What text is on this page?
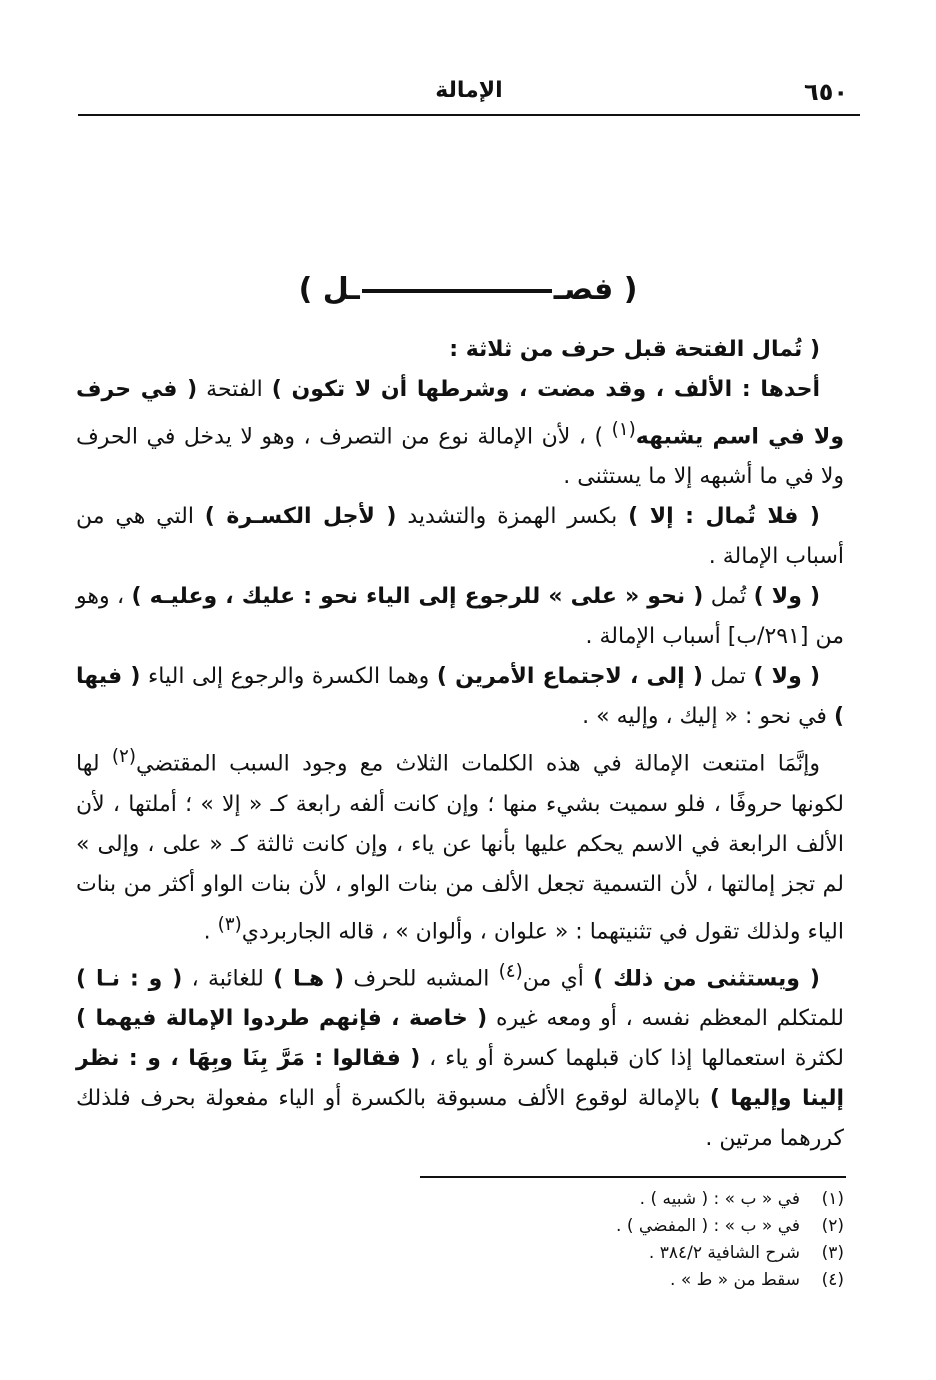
٦٥٠
الإمالة
( فصــل )

( تُمال الفتحة قبل حرف من ثلاثة :

أحدها : الألف ، وقد مضت ، وشرطها أن لا تكون ) الفتحة ( في حرف ولا في اسم يشبهه$^{(١)}$ ) ، لأن الإمالة نوع من التصرف ، وهو لا يدخل في الحرف ولا في ما أشبهه إلا ما يستثنى .

( فلا تُمال : إلا ) بكسر الهمزة والتشديد ( لأجل الكسـرة ) التي هي من أسباب الإمالة .

( ولا ) تُمل ( نحو « على » للرجوع إلى الياء نحو : عليك ، وعليـه ) ، وهو من [٢٩١/ب] أسباب الإمالة .

( ولا ) تمل ( إلى ، لاجتماع الأمرين ) وهما الكسرة والرجوع إلى الياء ( فيها ) في نحو : « إليك ، وإليه » .

وإنَّمَا امتنعت الإمالة في هذه الكلمات الثلاث مع وجود السبب المقتضي$^{(٢)}$ لها لكونها حروفًا ، فلو سميت بشيء منها ؛ وإن كانت ألفه رابعة كـ « إلا » ؛ أملتها ، لأن الألف الرابعة في الاسم يحكم عليها بأنها عن ياء ، وإن كانت ثالثة كـ « على ، وإلى » لم تجز إمالتها ، لأن التسمية تجعل الألف من بنات الواو ، لأن بنات الواو أكثر من بنات الياء ولذلك تقول في تثنيتهما : « علوان ، وألوان » ، قاله الجاربردي$^{(٣)}$ .

( ويستثنى من ذلك ) أي من$^{(٤)}$ المشبه للحرف ( هـا ) للغائبة ، ( و : نـا ) للمتكلم المعظم نفسه ، أو ومعه غيره ( خاصة ، فإنهم طردوا الإمالة فيهما ) لكثرة استعمالها إذا كان قبلهما كسرة أو ياء ، ( فقالوا : مَرَّ بِنَا وبِهَا ، و : نظر إلينا وإليها ) بالإمالة لوقوع الألف مسبوقة بالكسرة أو الياء مفعولة بحرف فلذلك كررهما مرتين .

(١)
في « ب » : ( شبيه ) .
(٢)
في « ب » : ( المفضي ) .
(٣)
شرح الشافية ٣٨٤/٢ .
(٤)
سقط من « ط » .
